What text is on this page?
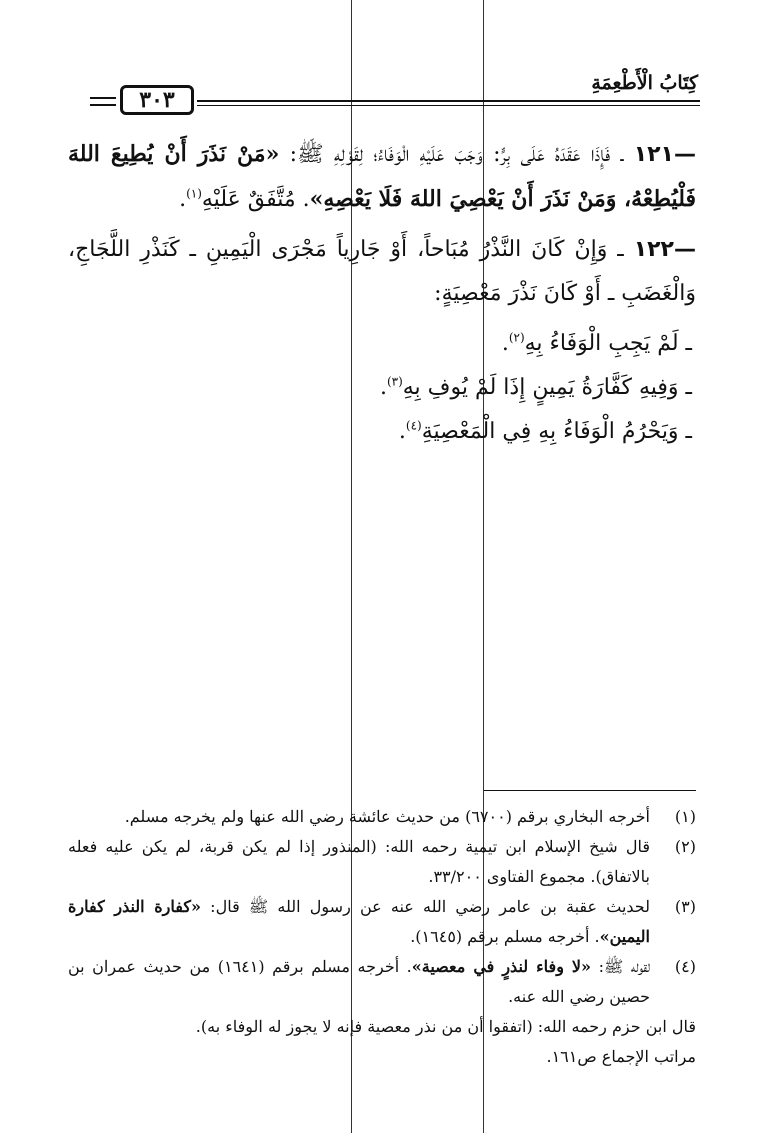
كِتَابُ الْأَطْعِمَةِ
٣٠٣

—١٢١ ـ فَإِذَا عَقَدَهُ عَلَى بِرٍّ: وَجَبَ عَلَيْهِ الْوَفَاءُ؛ لِقَوْلِهِ ﷺ: «مَنْ نَذَرَ أَنْ يُطِيعَ اللهَ فَلْيُطِعْهُ، وَمَنْ نَذَرَ أَنْ يَعْصِيَ اللهَ فَلَا يَعْصِهِ». مُتَّفَقٌ عَلَيْهِ$^{(١)}$.

—١٢٢ ـ وَإِنْ كَانَ النَّذْرُ مُبَاحاً، أَوْ جَارِياً مَجْرَى الْيَمِينِ ـ كَنَذْرِ اللَّجَاجِ، وَالْغَضَبِ ـ أَوْ كَانَ نَذْرَ مَعْصِيَةٍ:

ـ لَمْ يَجِبِ الْوَفَاءُ بِهِ$^{(٢)}$.

ـ وَفِيهِ كَفَّارَةُ يَمِينٍ إِذَا لَمْ يُوفِ بِهِ$^{(٣)}$.

ـ وَيَحْرُمُ الْوَفَاءُ بِهِ فِي الْمَعْصِيَةِ$^{(٤)}$.

(١)
أخرجه البخاري برقم (٦٧٠٠) من حديث عائشة رضي الله عنها ولم يخرجه مسلم.
(٢)
قال شيخ الإسلام ابن تيمية رحمه الله: (المنذور إذا لم يكن قربة، لم يكن عليه فعله بالاتفاق). مجموع الفتاوى ٣٣/٢٠٠.
(٣)
لحديث عقبة بن عامر رضي الله عنه عن رسول الله ﷺ قال: «كفارة النذر كفارة اليمين». أخرجه مسلم برقم (١٦٤٥).
(٤)
لقوله ﷺ: «لا وفاء لنذرٍ في معصية». أخرجه مسلم برقم (١٦٤١) من حديث عمران بن حصين رضي الله عنه.

قال ابن حزم رحمه الله: (اتفقوا أن من نذر معصية فإنه لا يجوز له الوفاء به).

مراتب الإجماع ص١٦١.
